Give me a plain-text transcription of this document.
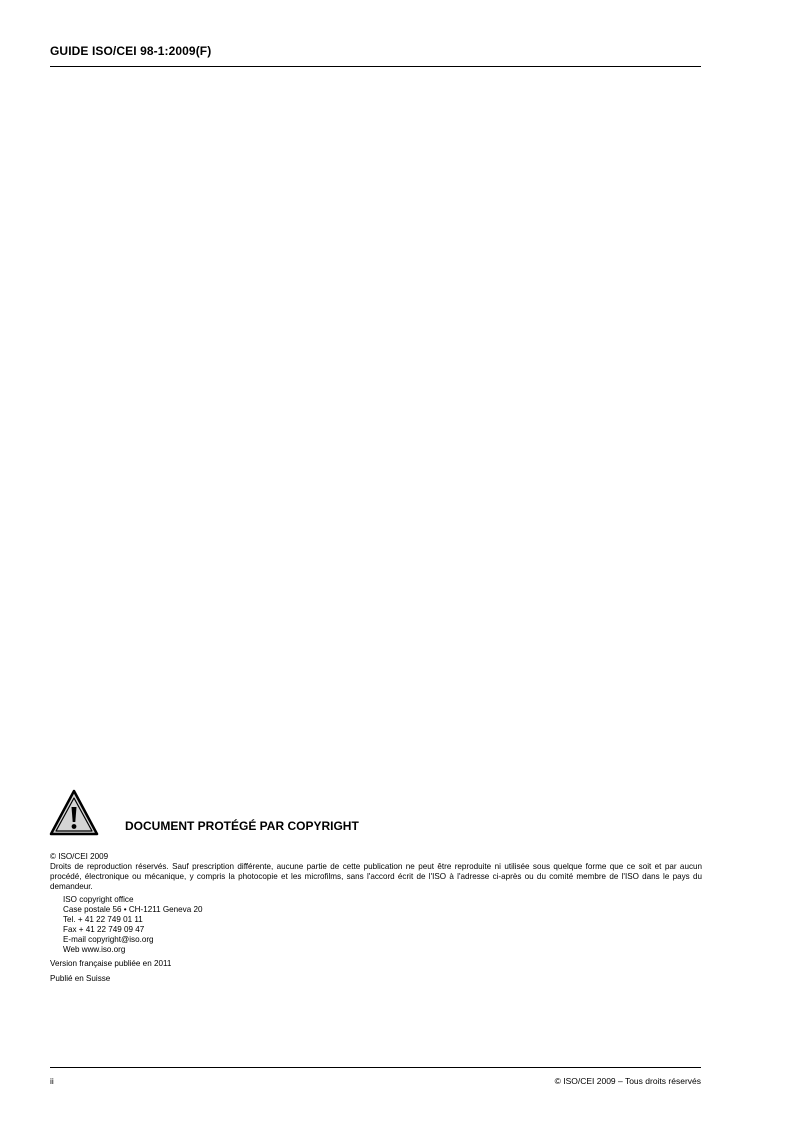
GUIDE ISO/CEI 98-1:2009(F)
DOCUMENT PROTÉGÉ PAR COPYRIGHT

© ISO/CEI 2009

Droits de reproduction réservés. Sauf prescription différente, aucune partie de cette publication ne peut être reproduite ni utilisée sous quelque forme que ce soit et par aucun procédé, électronique ou mécanique, y compris la photocopie et les microfilms, sans l'accord écrit de l'ISO à l'adresse ci-après ou du comité membre de l'ISO dans le pays du demandeur.

ISO copyright office
Case postale 56 • CH-1211 Geneva 20
Tel. + 41 22 749 01 11
Fax + 41 22 749 09 47
E-mail copyright@iso.org
Web www.iso.org

Version française publiée en 2011

Publié en Suisse

ii	© ISO/CEI 2009 – Tous droits réservés
